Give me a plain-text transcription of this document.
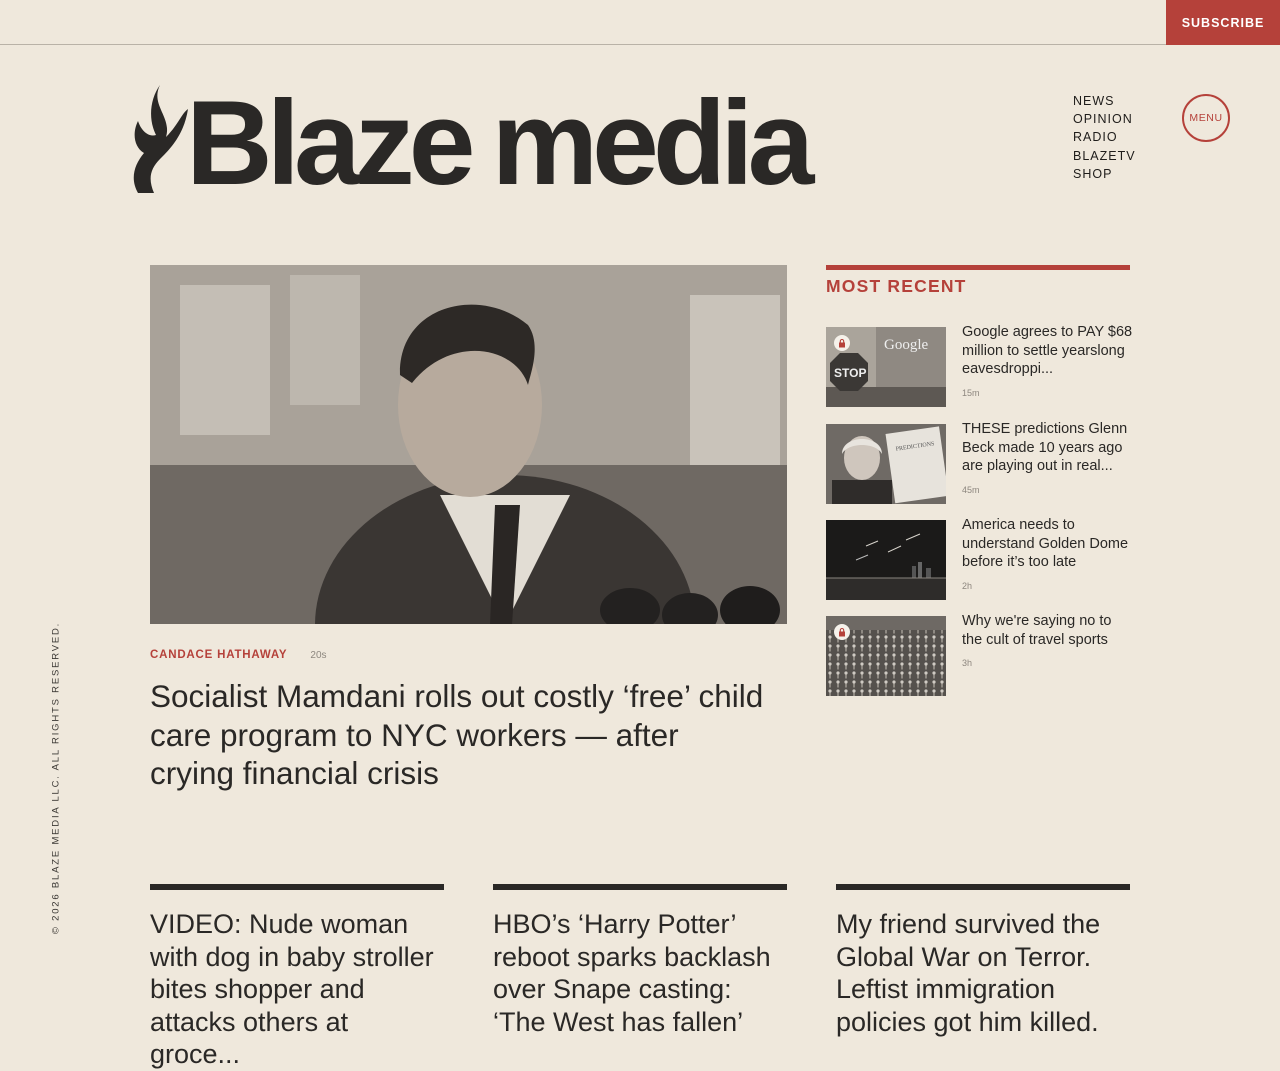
SUBSCRIBE
Blaze media	NEWS
OPINION
RADIO
BLAZETV
SHOP
MENU
CANDACE HATHAWAY 20s
Socialist Mamdani rolls out costly ‘free’ child care program to NYC workers — after crying financial crisis
MOST RECENT
Google
STOP
Google agrees to PAY $68 million to settle yearslong eavesdroppi...
15m
PREDICTIONS
THESE predictions Glenn Beck made 10 years ago are playing out in real...
45m
America needs to understand Golden Dome before it’s too late
2h
Why we're saying no to the cult of travel sports
3h
© 2026 BLAZE MEDIA LLC. ALL RIGHTS RESERVED.	VIDEO: Nude woman with dog in baby stroller bites shopper and attacks others at groce...
HBO’s ‘Harry Potter’ reboot sparks backlash over Snape casting: ‘The West has fallen’
My friend survived the Global War on Terror. Leftist immigration policies got him killed.
